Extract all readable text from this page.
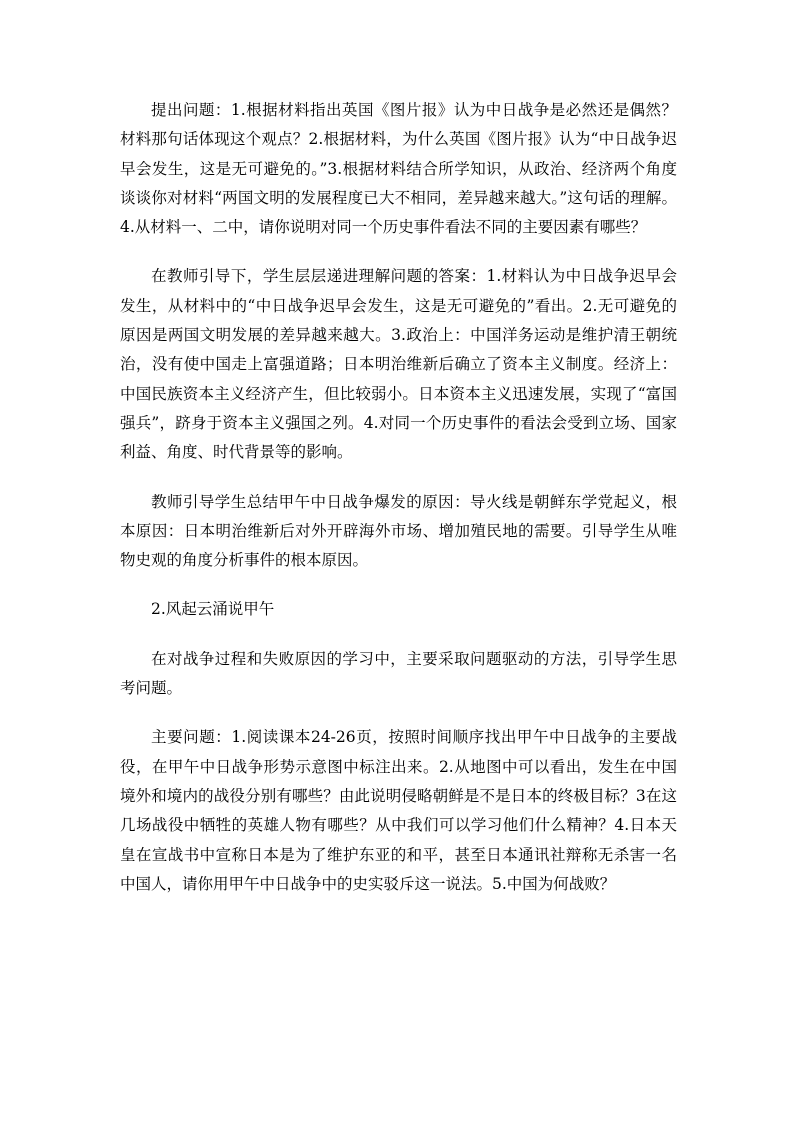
提出问题：1.根据材料指出英国《图片报》认为中日战争是必然还是偶然？材料那句话体现这个观点？2.根据材料，为什么英国《图片报》认为“中日战争迟早会发生，这是无可避免的。”3.根据材料结合所学知识，从政治、经济两个角度谈谈你对材料“两国文明的发展程度已大不相同，差异越来越大。”这句话的理解。4.从材料一、二中，请你说明对同一个历史事件看法不同的主要因素有哪些？

在教师引导下，学生层层递进理解问题的答案：1.材料认为中日战争迟早会发生，从材料中的“中日战争迟早会发生，这是无可避免的”看出。2.无可避免的原因是两国文明发展的差异越来越大。3.政治上：中国洋务运动是维护清王朝统治，没有使中国走上富强道路；日本明治维新后确立了资本主义制度。经济上：中国民族资本主义经济产生，但比较弱小。日本资本主义迅速发展，实现了“富国强兵”，跻身于资本主义强国之列。4.对同一个历史事件的看法会受到立场、国家利益、角度、时代背景等的影响。

教师引导学生总结甲午中日战争爆发的原因：导火线是朝鲜东学党起义，根本原因：日本明治维新后对外开辟海外市场、增加殖民地的需要。引导学生从唯物史观的角度分析事件的根本原因。

2.风起云涌说甲午

在对战争过程和失败原因的学习中，主要采取问题驱动的方法，引导学生思考问题。

主要问题：1.阅读课本24-26页，按照时间顺序找出甲午中日战争的主要战役，在甲午中日战争形势示意图中标注出来。2.从地图中可以看出，发生在中国境外和境内的战役分别有哪些？由此说明侵略朝鲜是不是日本的终极目标？3在这几场战役中牺牲的英雄人物有哪些？从中我们可以学习他们什么精神？4.日本天皇在宣战书中宣称日本是为了维护东亚的和平，甚至日本通讯社辩称无杀害一名中国人，请你用甲午中日战争中的史实驳斥这一说法。5.中国为何战败？
